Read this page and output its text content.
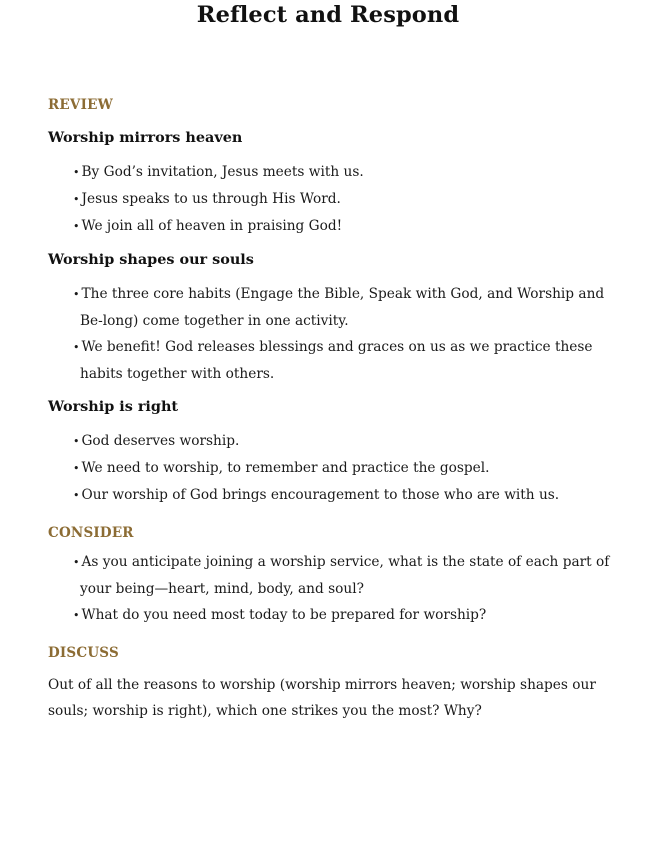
Reflect and Respond

REVIEW

Worship mirrors heaven

• By God’s invitation, Jesus meets with us.
• Jesus speaks to us through His Word.
• We join all of heaven in praising God!

Worship shapes our souls

• The three core habits (Engage the Bible, Speak with God, and Worship and Be-long) come together in one activity.
• We benefit! God releases blessings and graces on us as we practice these habits together with others.

Worship is right

• God deserves worship.
• We need to worship, to remember and practice the gospel.
• Our worship of God brings encouragement to those who are with us.

CONSIDER

• As you anticipate joining a worship service, what is the state of each part of your being—heart, mind, body, and soul?
• What do you need most today to be prepared for worship?

DISCUSS

Out of all the reasons to worship (worship mirrors heaven; worship shapes our souls; worship is right), which one strikes you the most? Why?
